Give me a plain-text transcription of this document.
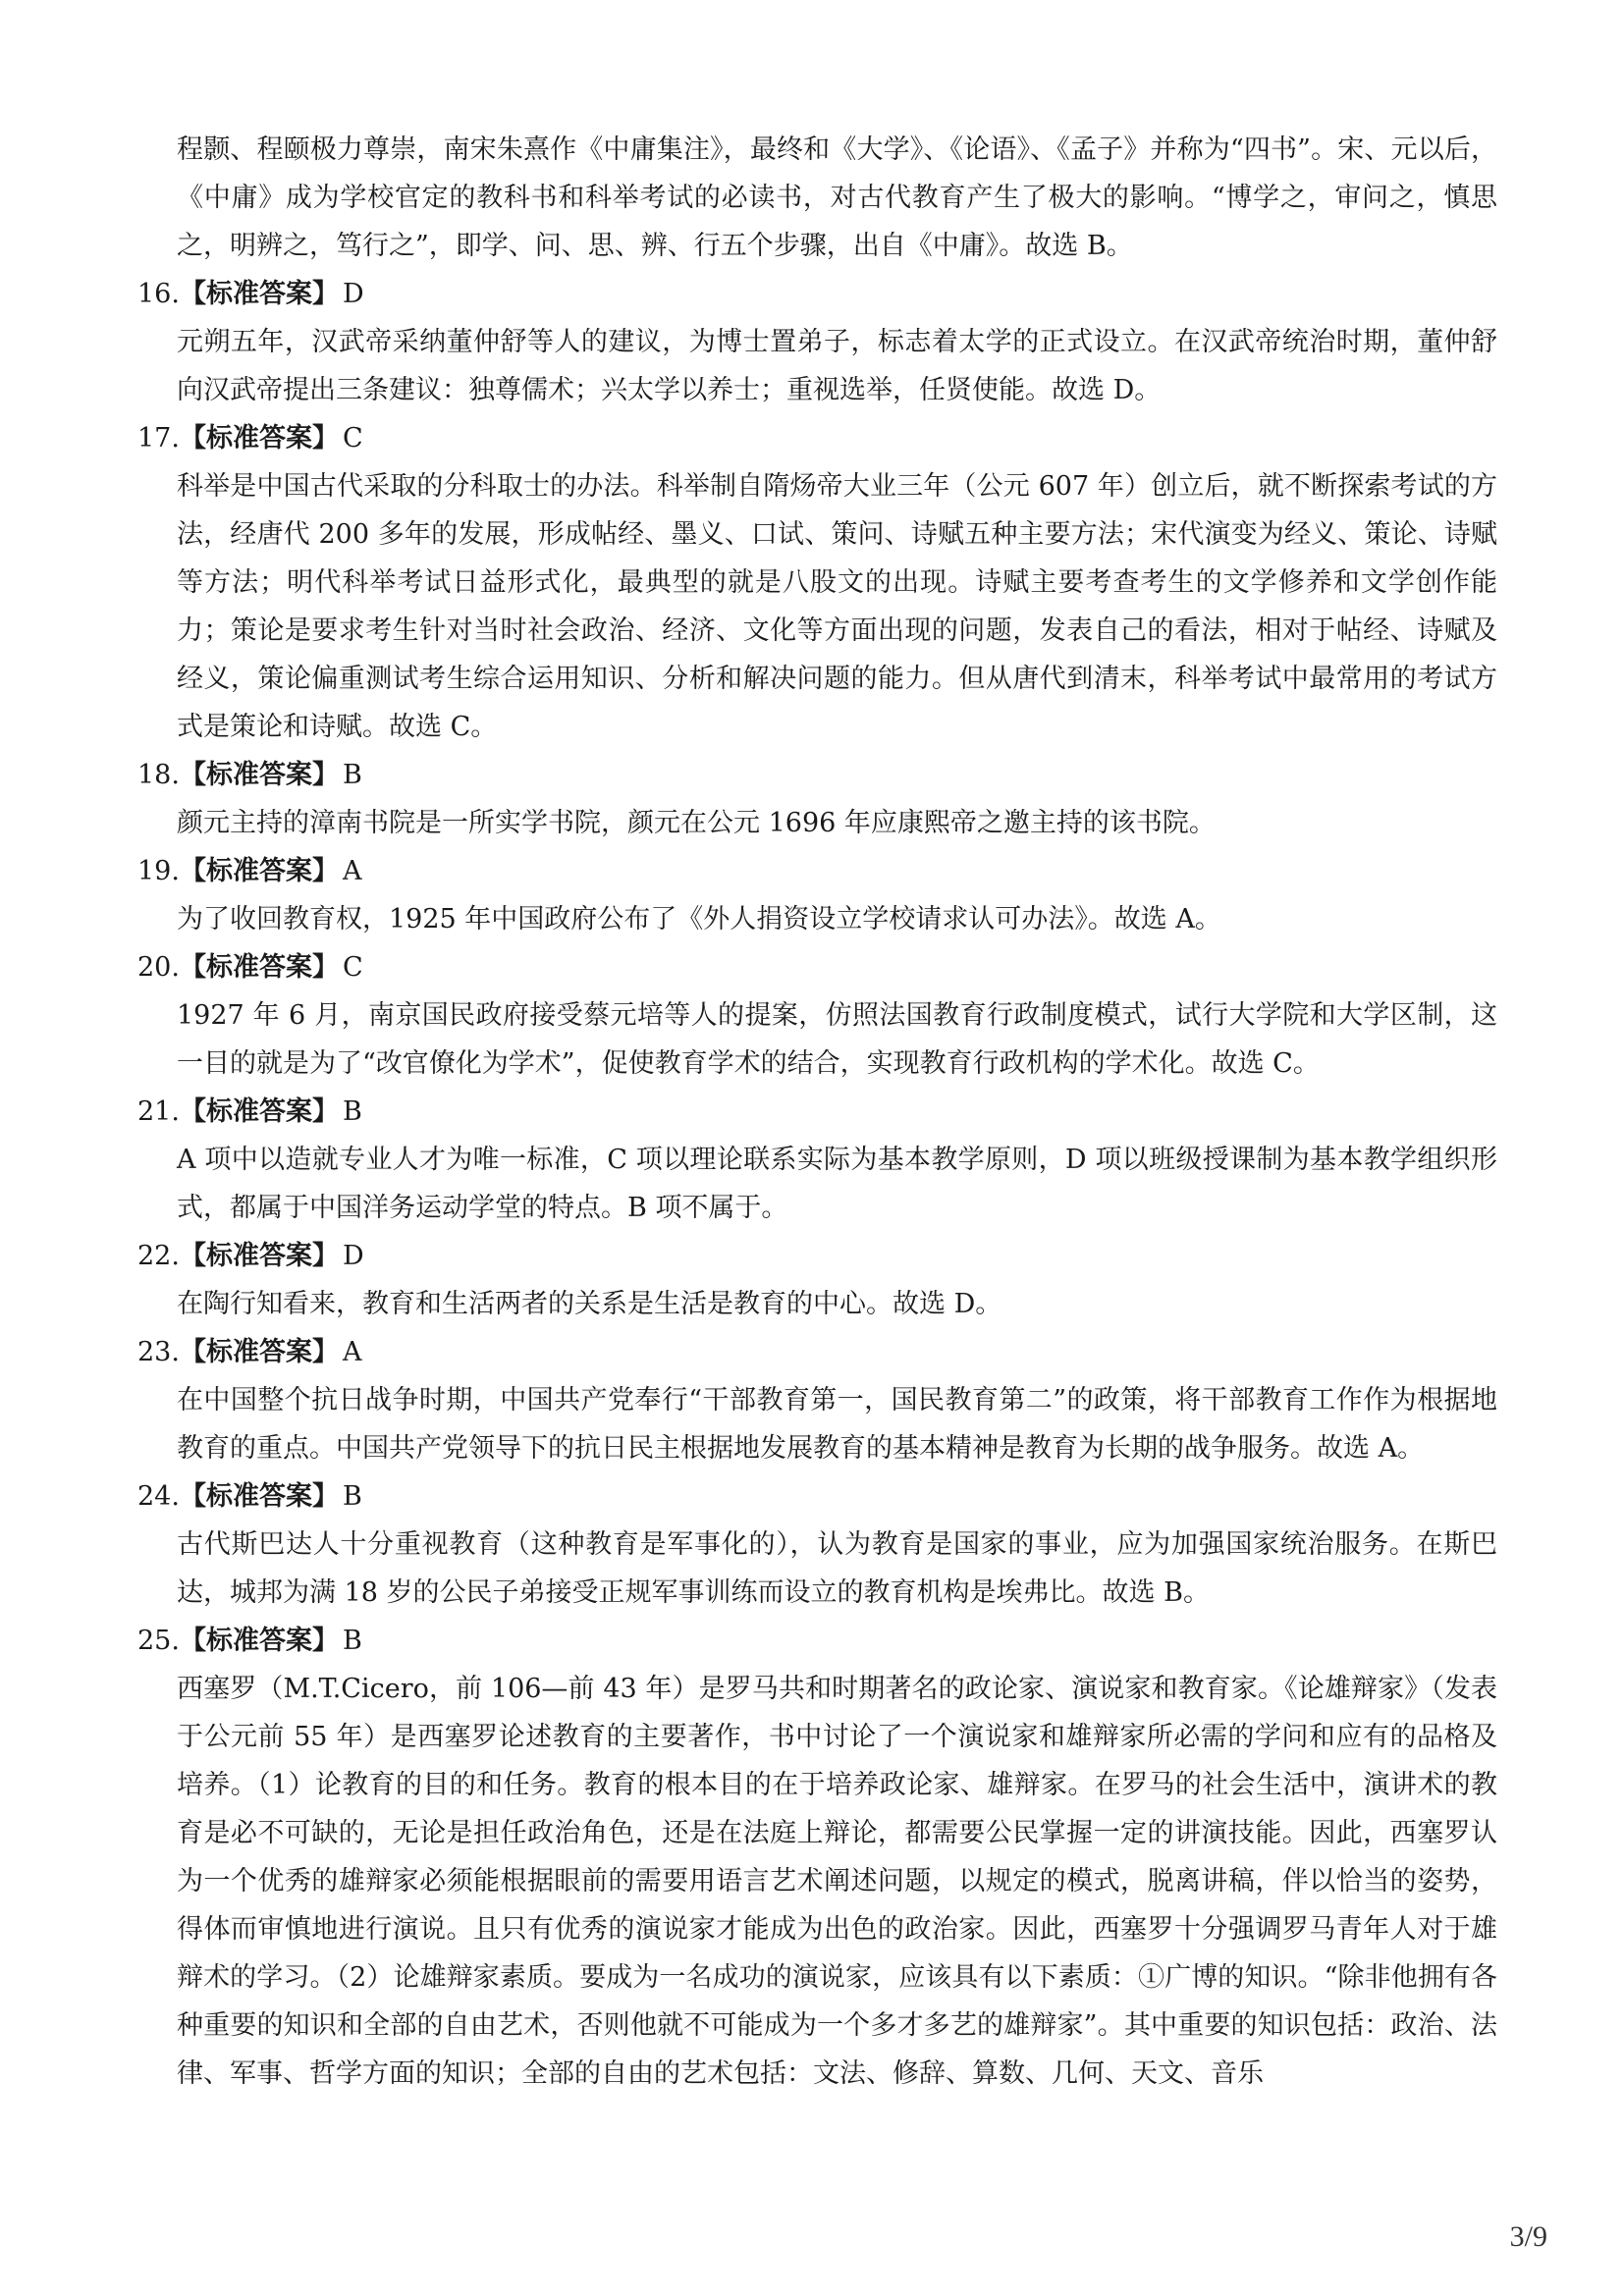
程颢、程颐极力尊崇，南宋朱熹作《中庸集注》，最终和《大学》、《论语》、《孟子》并称为“四书”。宋、元以后，《中庸》成为学校官定的教科书和科举考试的必读书，对古代教育产生了极大的影响。“博学之，审问之，慎思之，明辨之，笃行之”，即学、问、思、辨、行五个步骤，出自《中庸》。故选 B。

16.【标准答案】 D

元朔五年，汉武帝采纳董仲舒等人的建议，为博士置弟子，标志着太学的正式设立。在汉武帝统治时期，董仲舒向汉武帝提出三条建议：独尊儒术；兴太学以养士；重视选举，任贤使能。故选 D。

17.【标准答案】 C

科举是中国古代采取的分科取士的办法。科举制自隋炀帝大业三年（公元 607 年）创立后，就不断探索考试的方法，经唐代 200 多年的发展，形成帖经、墨义、口试、策问、诗赋五种主要方法；宋代演变为经义、策论、诗赋等方法；明代科举考试日益形式化，最典型的就是八股文的出现。诗赋主要考查考生的文学修养和文学创作能力；策论是要求考生针对当时社会政治、经济、文化等方面出现的问题，发表自己的看法，相对于帖经、诗赋及经义，策论偏重测试考生综合运用知识、分析和解决问题的能力。但从唐代到清末，科举考试中最常用的考试方式是策论和诗赋。故选 C。

18.【标准答案】 B

颜元主持的漳南书院是一所实学书院，颜元在公元 1696 年应康熙帝之邀主持的该书院。

19.【标准答案】 A

为了收回教育权，1925 年中国政府公布了《外人捐资设立学校请求认可办法》。故选 A。

20.【标准答案】 C

1927 年 6 月，南京国民政府接受蔡元培等人的提案，仿照法国教育行政制度模式，试行大学院和大学区制，这一目的就是为了“改官僚化为学术”，促使教育学术的结合，实现教育行政机构的学术化。故选 C。

21.【标准答案】 B

A 项中以造就专业人才为唯一标准，C 项以理论联系实际为基本教学原则，D 项以班级授课制为基本教学组织形式，都属于中国洋务运动学堂的特点。B 项不属于。

22.【标准答案】 D

在陶行知看来，教育和生活两者的关系是生活是教育的中心。故选 D。

23.【标准答案】 A

在中国整个抗日战争时期，中国共产党奉行“干部教育第一，国民教育第二”的政策，将干部教育工作作为根据地教育的重点。中国共产党领导下的抗日民主根据地发展教育的基本精神是教育为长期的战争服务。故选 A。

24.【标准答案】 B

古代斯巴达人十分重视教育（这种教育是军事化的），认为教育是国家的事业，应为加强国家统治服务。在斯巴达，城邦为满 18 岁的公民子弟接受正规军事训练而设立的教育机构是埃弗比。故选 B。

25.【标准答案】 B

西塞罗（M.T.Cicero，前 106—前 43 年）是罗马共和时期著名的政论家、演说家和教育家。《论雄辩家》（发表于公元前 55 年）是西塞罗论述教育的主要著作，书中讨论了一个演说家和雄辩家所必需的学问和应有的品格及培养。（1）论教育的目的和任务。教育的根本目的在于培养政论家、雄辩家。在罗马的社会生活中，演讲术的教育是必不可缺的，无论是担任政治角色，还是在法庭上辩论，都需要公民掌握一定的讲演技能。因此，西塞罗认为一个优秀的雄辩家必须能根据眼前的需要用语言艺术阐述问题，以规定的模式，脱离讲稿，伴以恰当的姿势，得体而审慎地进行演说。且只有优秀的演说家才能成为出色的政治家。因此，西塞罗十分强调罗马青年人对于雄辩术的学习。（2）论雄辩家素质。要成为一名成功的演说家，应该具有以下素质：①广博的知识。“除非他拥有各种重要的知识和全部的自由艺术，否则他就不可能成为一个多才多艺的雄辩家”。其中重要的知识包括：政治、法律、军事、哲学方面的知识；全部的自由的艺术包括：文法、修辞、算数、几何、天文、音乐

3/9
